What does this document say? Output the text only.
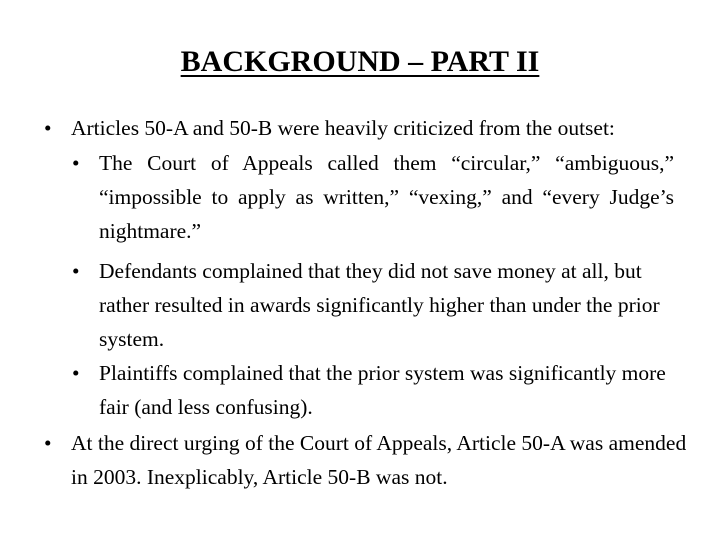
BACKGROUND – PART II
• Articles 50-A and 50-B were heavily criticized from the outset:
• The Court of Appeals called them “circular,” “ambiguous,” “impossible to apply as written,” “vexing,” and “every Judge’s nightmare.”
• Defendants complained that they did not save money at all, but rather resulted in awards significantly higher than under the prior system.
• Plaintiffs complained that the prior system was significantly more fair (and less confusing).
• At the direct urging of the Court of Appeals, Article 50-A was amended in 2003. Inexplicably, Article 50-B was not.
